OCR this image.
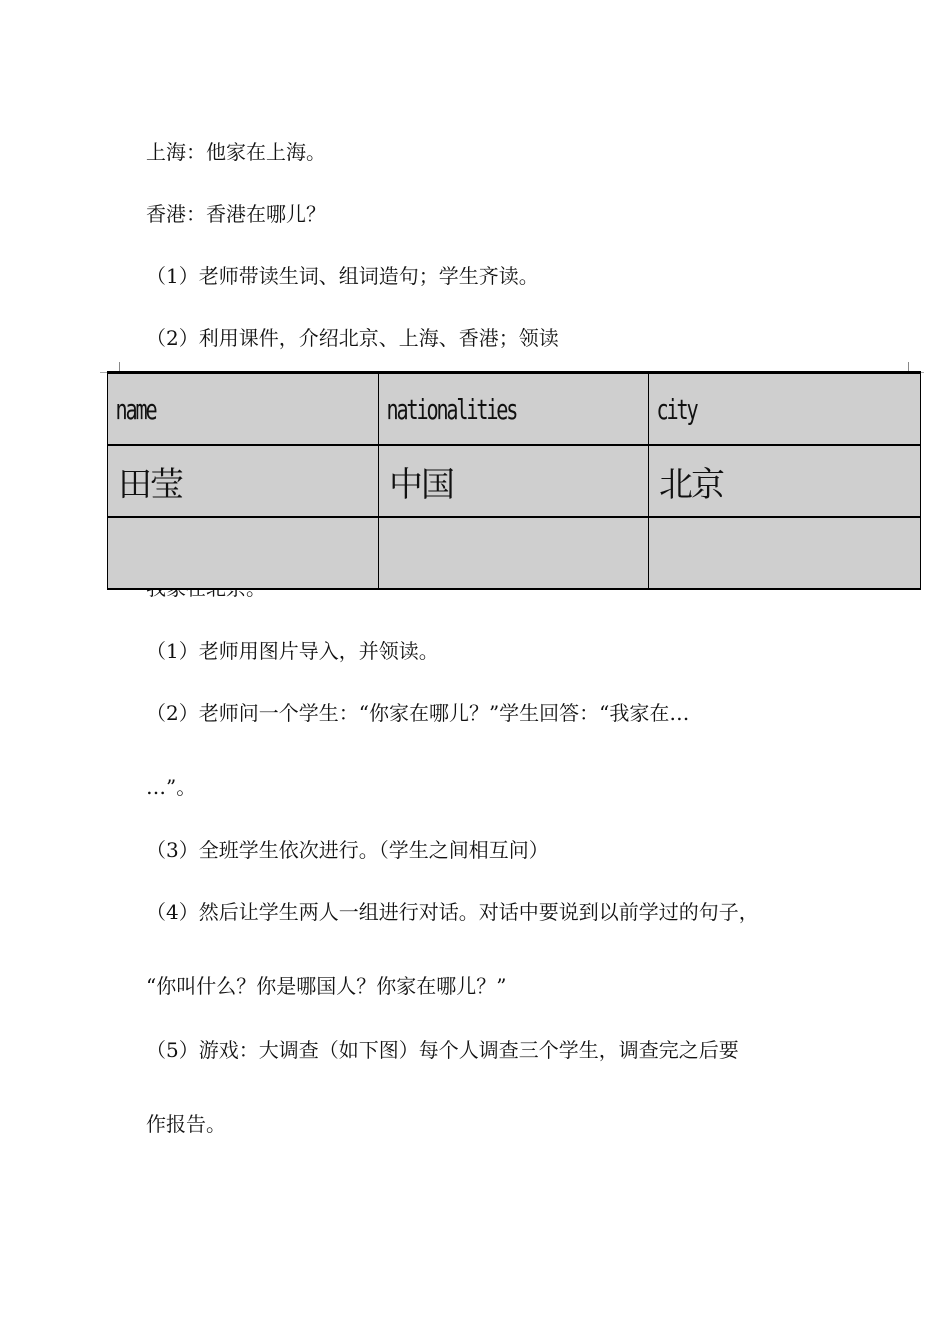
上海：他家在上海。
香港：香港在哪儿？
（1）老师带读生词、组词造句；学生齐读。
（2）利用课件，介绍北京、上海、香港；领读
name	nationalities	city
田莹	中国	北京

（1）老师用图片导入，并领读。
（2）老师问一个学生：“你家在哪儿？”学生回答：“我家在…
…”。
（3）全班学生依次进行。（学生之间相互问）
（4）然后让学生两人一组进行对话。对话中要说到以前学过的句子，
“你叫什么？你是哪国人？你家在哪儿？”
（5）游戏：大调查（如下图）每个人调查三个学生，调查完之后要
作报告。
